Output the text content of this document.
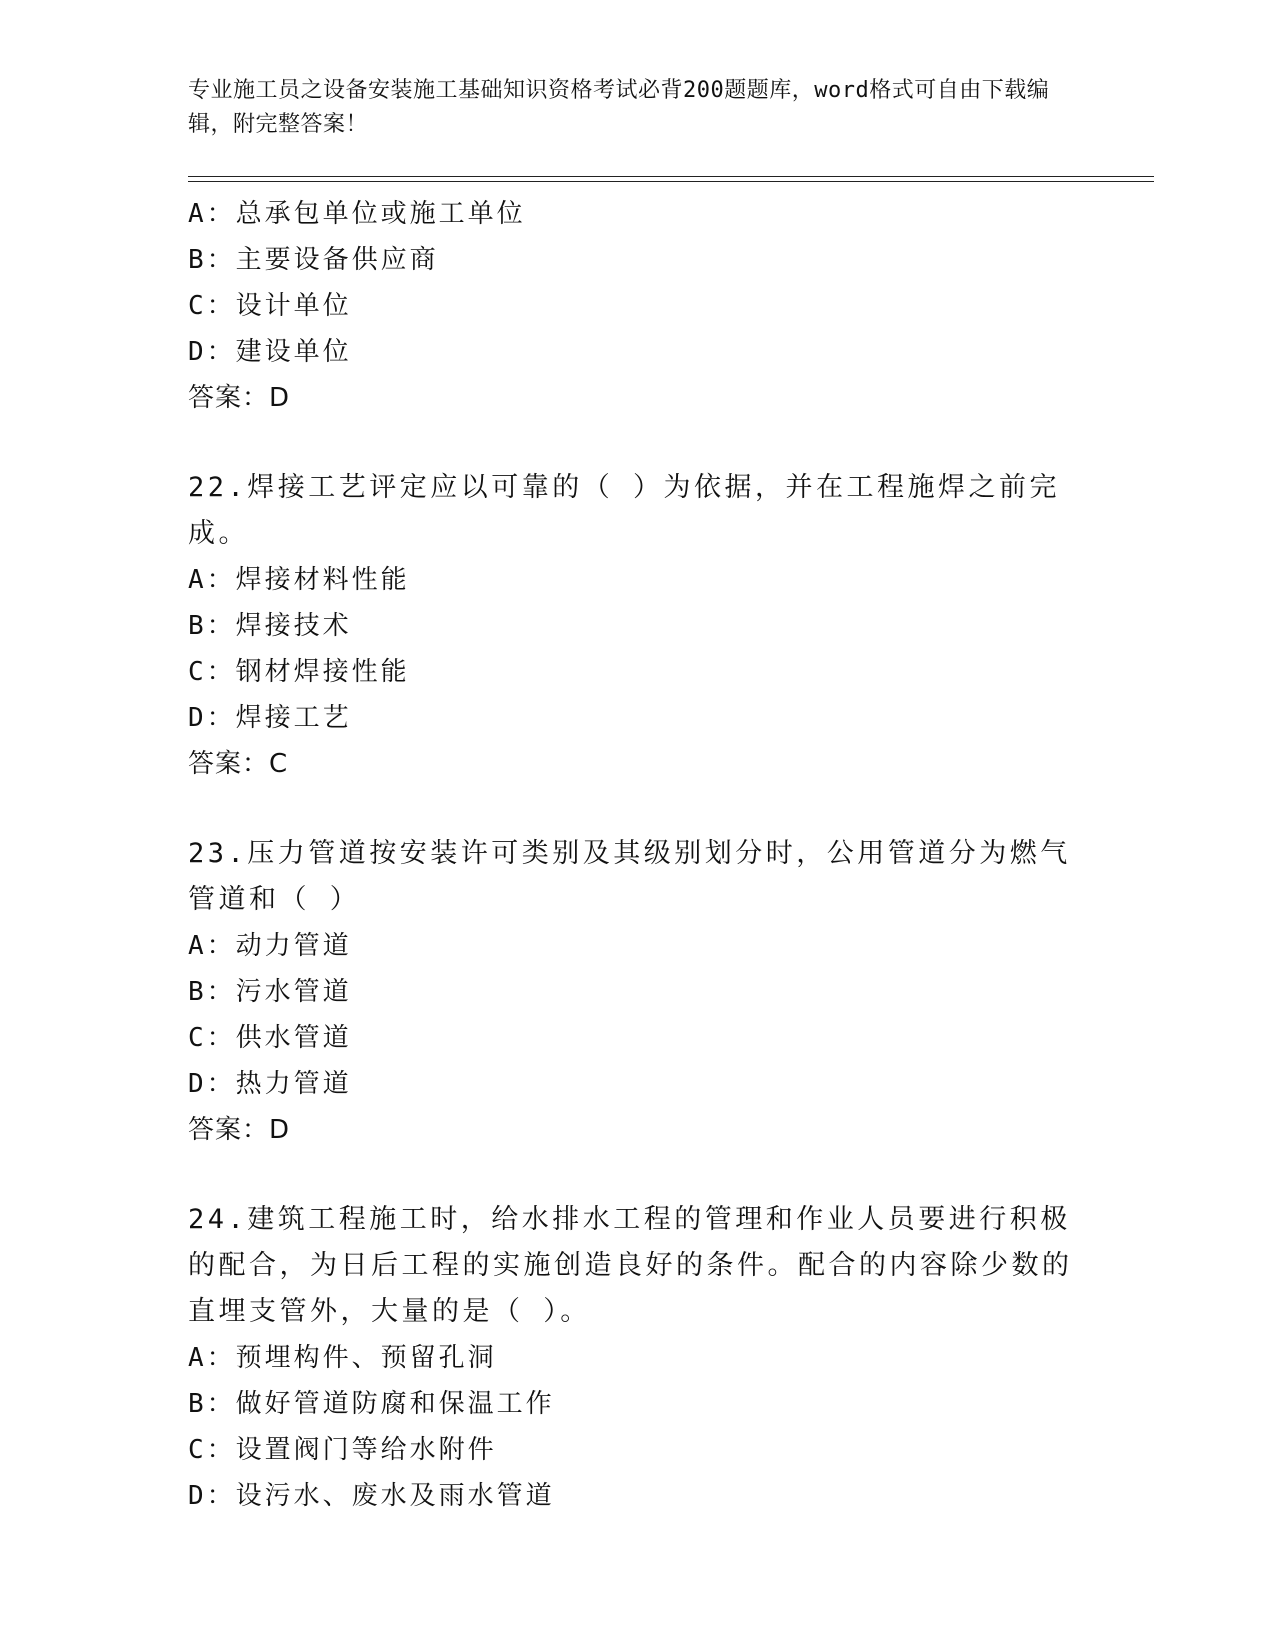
专业施工员之设备安装施工基础知识资格考试必背200题题库，word格式可自由下载编辑，附完整答案！
A：总承包单位或施工单位
B：主要设备供应商
C：设计单位
D：建设单位
答案：D
22.焊接工艺评定应以可靠的（ ）为依据，并在工程施焊之前完成。
A：焊接材料性能
B：焊接技术
C：钢材焊接性能
D：焊接工艺
答案：C
23.压力管道按安装许可类别及其级别划分时，公用管道分为燃气管道和（ ）
A：动力管道
B：污水管道
C：供水管道
D：热力管道
答案：D
24.建筑工程施工时，给水排水工程的管理和作业人员要进行积极的配合，为日后工程的实施创造良好的条件。配合的内容除少数的直埋支管外，大量的是（ ）。
A：预埋构件、预留孔洞
B：做好管道防腐和保温工作
C：设置阀门等给水附件
D：设污水、废水及雨水管道
